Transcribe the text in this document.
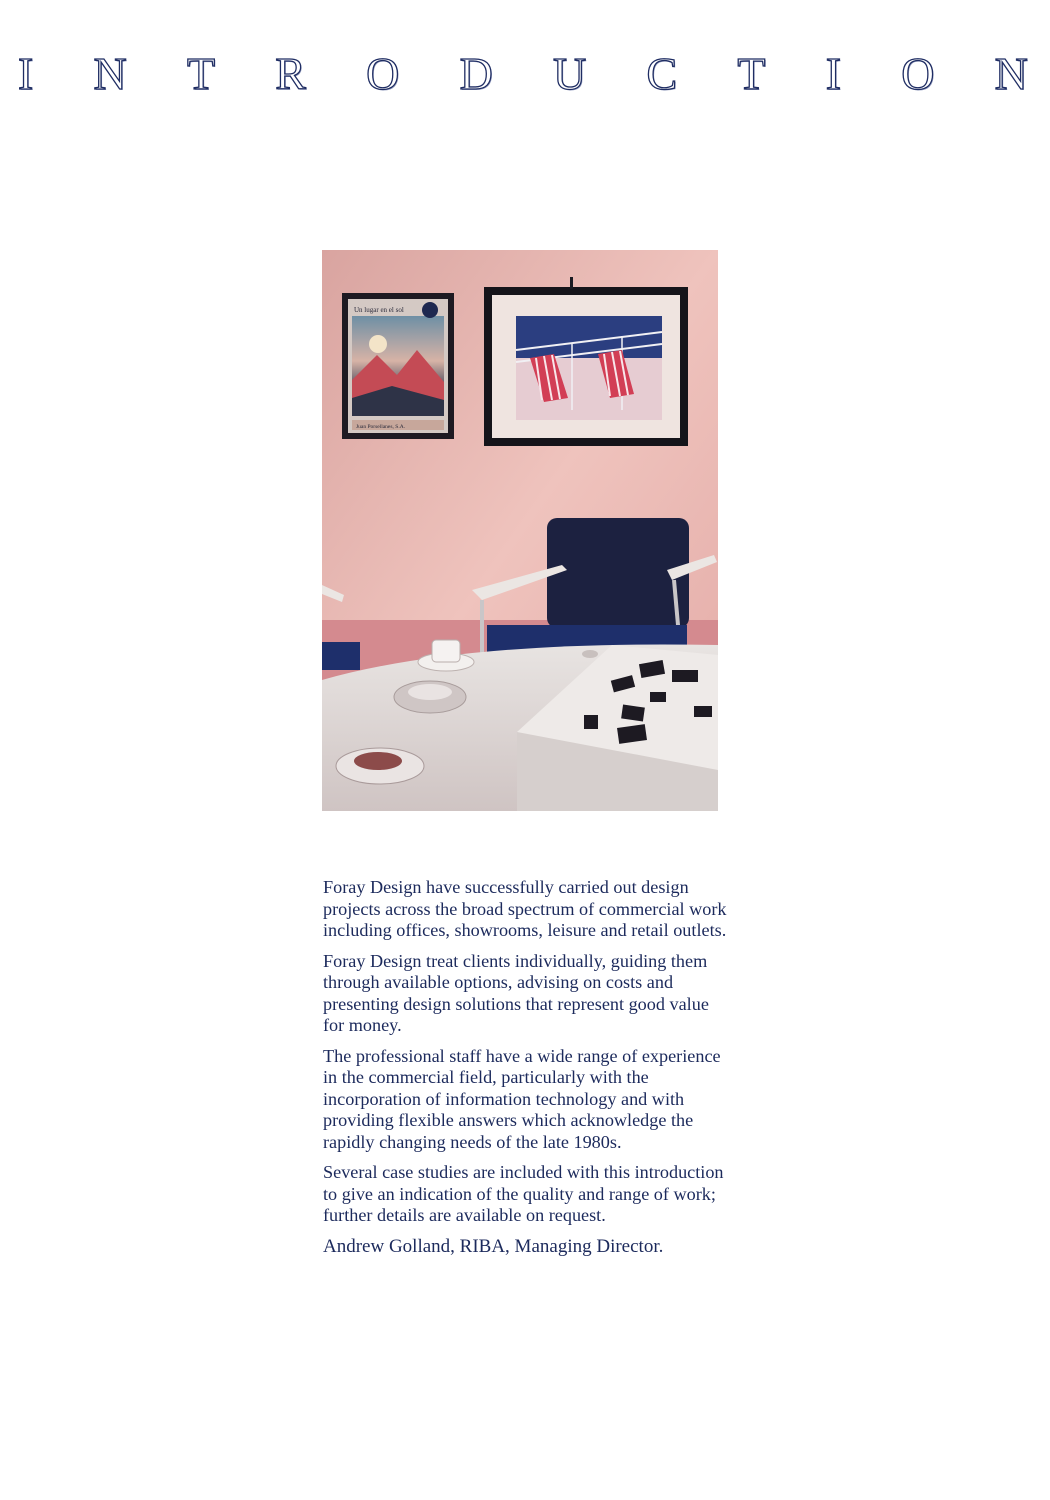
I N T R O D U C T I O N
Un lugar en el sol
Juan Porsellanes, S.A.

Foray Design have successfully carried out design projects across the broad spectrum of commercial work including offices, showrooms, leisure and retail outlets.

Foray Design treat clients individually, guiding them through available options, advising on costs and presenting design solutions that represent good value for money.

The professional staff have a wide range of experience in the commercial field, particularly with the incorporation of information technology and with providing flexible answers which acknowledge the rapidly changing needs of the late 1980s.

Several case studies are included with this introduction to give an indication of the quality and range of work; further details are available on request.

Andrew Golland, RIBA, Managing Director.
